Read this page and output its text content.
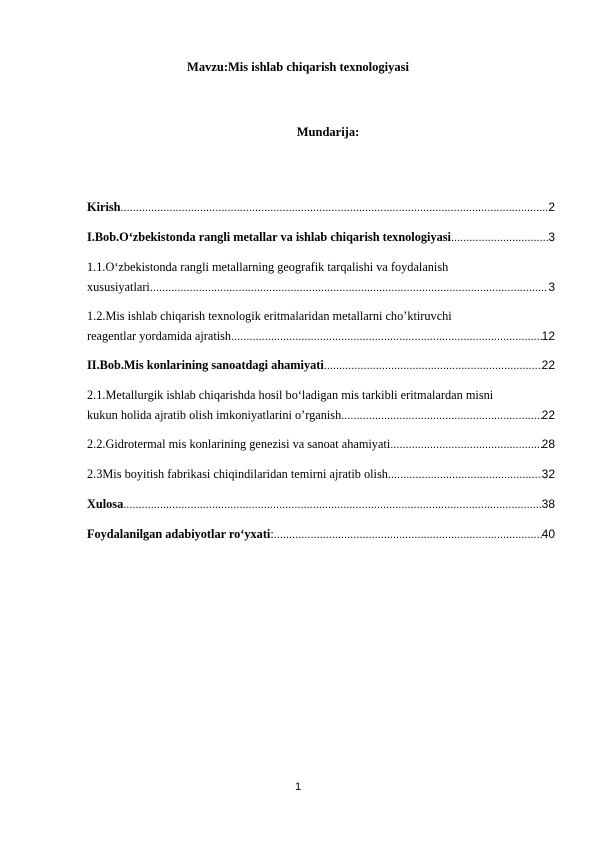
Mavzu:Mis ishlab chiqarish texnologiyasi
Mundarija:
Kirish .....	2
I.Bob.O‘zbekistonda rangli metallar va ishlab chiqarish texnologiyasi .....	3
1.1.O‘zbekistonda rangli metallarning geografik tarqalishi va foydalanish
xususiyatlari .....	3
1.2.Mis ishlab chiqarish texnologik eritmalaridan metallarni cho’ktiruvchi
reagentlar yordamida ajratish .....	12
II.Bob.Mis konlarining sanoatdagi ahamiyati .....	22
2.1.Metallurgik ishlab chiqarishda hosil bo‘ladigan mis tarkibli eritmalardan misni
kukun holida ajratib olish imkoniyatlarini o’rganish .....	22
2.2.Gidrotermal mis konlarining genezisi va sanoat ahamiyati .....	28
2.3Mis boyitish fabrikasi chiqindilaridan temirni ajratib olish .....	32
Xulosa .....	38
Foydalanilgan adabiyotlar ro‘yxati : .....	40
1
